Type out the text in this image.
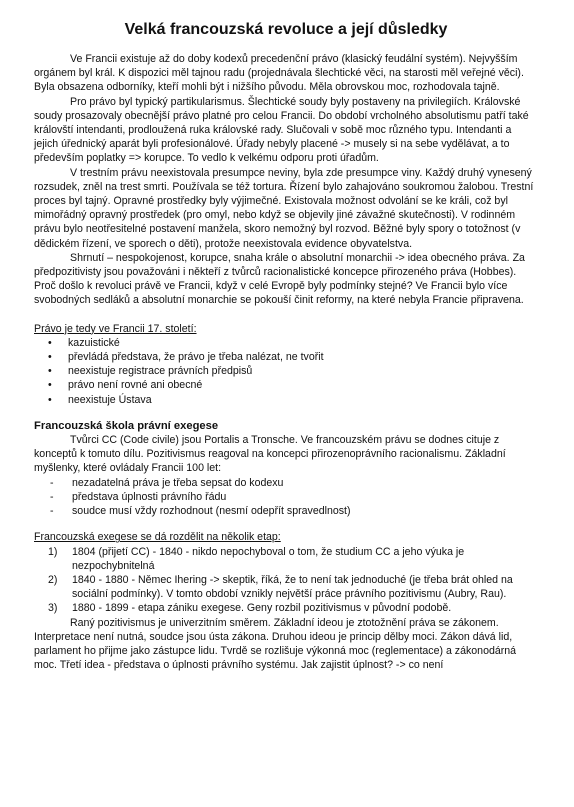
Velká francouzská revoluce a její důsledky

Ve Francii existuje až do doby kodexů precedenční právo (klasický feudální systém). Nejvyšším orgánem byl král. K dispozici měl tajnou radu (projednávala šlechtické věci, na starosti měl veřejné věci). Byla obsazena odborníky, kteří mohli být i nižšího původu. Měla obrovskou moc, rozhodovala tajně.

Pro právo byl typický partikularismus. Šlechtické soudy byly postaveny na privilegiích. Královské soudy prosazovaly obecnější právo platné pro celou Francii. Do období vrcholného absolutismu patří také královští intendanti, prodloužená ruka královské rady. Slučovali v sobě moc různého typu. Intendanti a jejich úřednický aparát byli profesionálové. Úřady nebyly placené -> musely si na sebe vydělávat, a to především poplatky => korupce. To vedlo k velkému odporu proti úřadům.

V trestním právu neexistovala presumpce neviny, byla zde presumpce viny. Každý druhý vynesený rozsudek, zněl na trest smrti. Používala se též tortura. Řízení bylo zahajováno soukromou žalobou. Trestní proces byl tajný. Opravné prostředky byly výjimečné. Existovala možnost odvolání se ke králi, což byl mimořádný opravný prostředek (pro omyl, nebo když se objevily jiné závažné skutečnosti). V rodinném právu bylo neotřesitelné postavení manžela, skoro nemožný byl rozvod. Běžné byly spory o totožnost (v dědickém řízení, ve sporech o děti), protože neexistovala evidence obyvatelstva.

Shrnutí – nespokojenost, korupce, snaha krále o absolutní monarchii -> idea obecného práva. Za předpozitivisty jsou považováni i někteří z tvůrců racionalistické koncepce přirozeného práva (Hobbes). Proč došlo k revoluci právě ve Francii, když v celé Evropě byly podmínky stejné? Ve Francii bylo více svobodných sedláků a absolutní monarchie se pokouší činit reformy, na které nebyla Francie připravena.

Právo je tedy ve Francii 17. století:

• kazuistické
• převládá představa, že právo je třeba nalézat, ne tvořit
• neexistuje registrace právních předpisů
• právo není rovné ani obecné
• neexistuje Ústava

Francouzská škola právní exegese

Tvůrci CC (Code civile) jsou Portalis a Tronsche. Ve francouzském právu se dodnes cituje z konceptů k tomuto dílu. Pozitivismus reagoval na koncepci přirozenoprávního racionalismu. Základní myšlenky, které ovládaly Francii 100 let:

- nezadatelná práva je třeba sepsat do kodexu
- představa úplnosti právního řádu
- soudce musí vždy rozhodnout (nesmí odepřít spravedlnost)

Francouzská exegese se dá rozdělit na několik etap:

1) 1804 (přijetí CC) - 1840 - nikdo nepochyboval o tom, že studium CC a jeho výuka je nezpochybnitelná
2) 1840 - 1880 - Němec Ihering -> skeptik, říká, že to není tak jednoduché (je třeba brát ohled na sociální podmínky). V tomto období vznikly největší práce právního pozitivismu (Aubry, Rau).
3) 1880 - 1899 - etapa zániku exegese. Geny rozbil pozitivismus v původní podobě.

Raný pozitivismus je univerzitním směrem. Základní ideou je ztotožnění práva se zákonem. Interpretace není nutná, soudce jsou ústa zákona. Druhou ideou je princip dělby moci. Zákon dává lid, parlament ho přijme jako zástupce lidu. Tvrdě se rozlišuje výkonná moc (reglementace) a zákonodárná moc. Třetí idea - představa o úplnosti právního systému. Jak zajistit úplnost? -> co není
